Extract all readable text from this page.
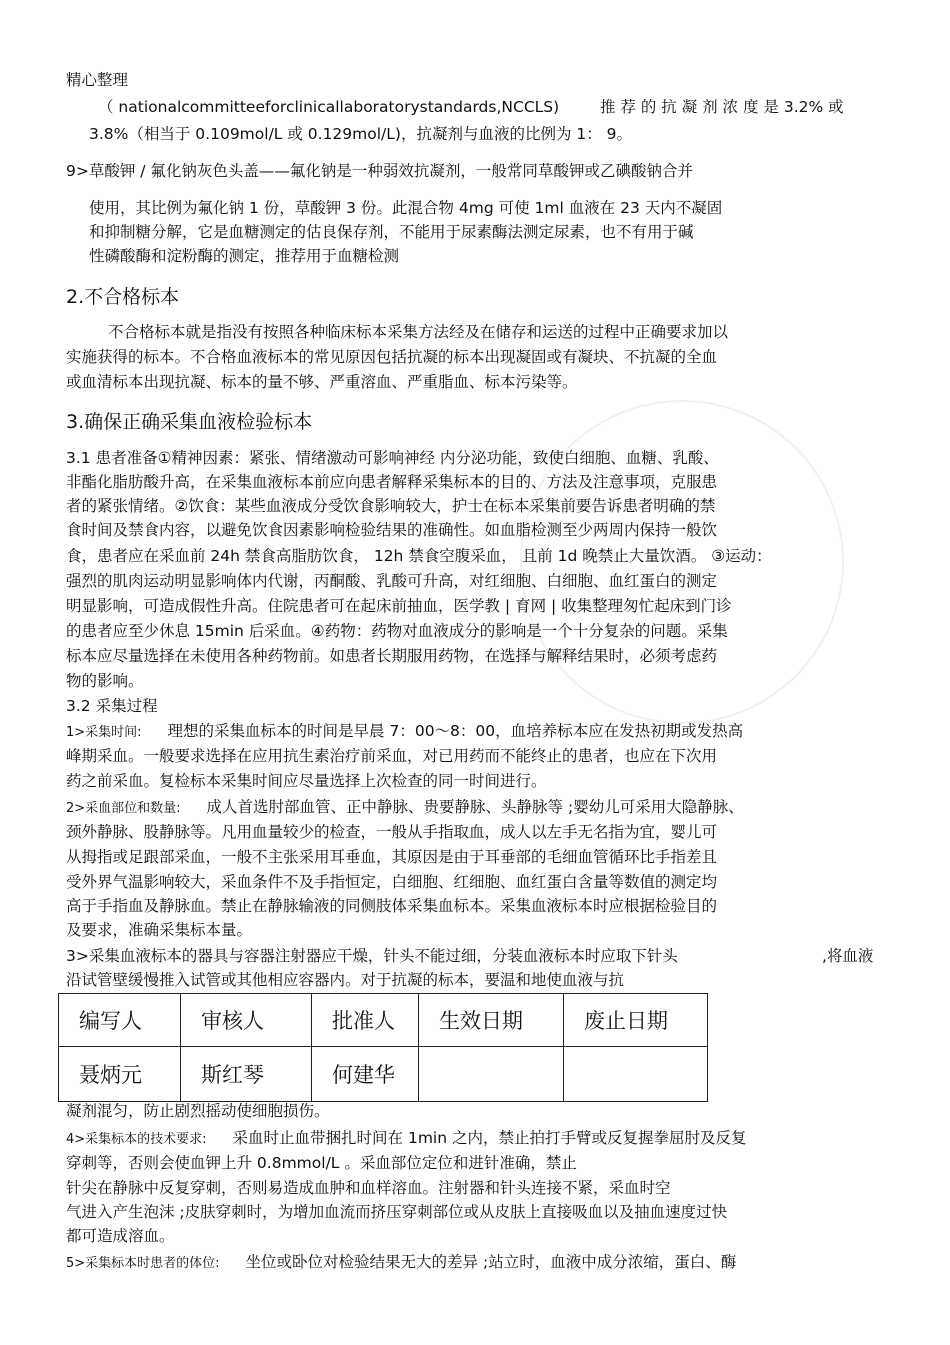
精心整理
（ nationalcommitteeforclinicallaboratorystandards,NCCLS)	推 荐 的 抗 凝 剂 浓 度 是 3.2% 或
3.8%（相当于 0.109mol/L 或 0.129mol/L)，抗凝剂与血液的比例为 1： 9。
9>草酸钾 / 氟化钠灰色头盖——氟化钠是一种弱效抗凝剂，一般常同草酸钾或乙碘酸钠合并
使用，其比例为氟化钠 1 份，草酸钾 3 份。此混合物 4mg 可使 1ml 血液在 23 天内不凝固
和抑制糖分解，它是血糖测定的估良保存剂，不能用于尿素酶法测定尿素，也不有用于碱
性磷酸酶和淀粉酶的测定，推荐用于血糖检测
2.不合格标本
不合格标本就是指没有按照各种临床标本采集方法经及在储存和运送的过程中正确要求加以
实施获得的标本。不合格血液标本的常见原因包括抗凝的标本出现凝固或有凝块、不抗凝的全血
或血清标本出现抗凝、标本的量不够、严重溶血、严重脂血、标本污染等。
3.确保正确采集血液检验标本
3.1 患者准备①精神因素：紧张、情绪激动可影响神经 内分泌功能，致使白细胞、血糖、乳酸、
非酯化脂肪酸升高，在采集血液标本前应向患者解释采集标本的目的、方法及注意事项，克服患
者的紧张情绪。②饮食：某些血液成分受饮食影响较大，护士在标本采集前要告诉患者明确的禁
食时间及禁食内容，以避免饮食因素影响检验结果的准确性。如血脂检测至少两周内保持一般饮
食，患者应在采血前 24h 禁食高脂肪饮食， 12h 禁食空腹采血， 且前 1d 晚禁止大量饮酒。 ③运动：
强烈的肌肉运动明显影响体内代谢，丙酮酸、乳酸可升高，对红细胞、白细胞、血红蛋白的测定
明显影响，可造成假性升高。住院患者可在起床前抽血，医学教 | 育网 | 收集整理匆忙起床到门诊
的患者应至少休息 15min 后采血。④药物：药物对血液成分的影响是一个十分复杂的问题。采集
标本应尽量选择在未使用各种药物前。如患者长期服用药物，在选择与解释结果时，必须考虑药
物的影响。
3.2 采集过程
1>采集时间: 理想的采集血标本的时间是早晨 7：00～8：00，血培养标本应在发热初期或发热高
峰期采血。一般要求选择在应用抗生素治疗前采血，对已用药而不能终止的患者，也应在下次用
药之前采血。复检标本采集时间应尽量选择上次检查的同一时间进行。
2>采血部位和数量: 成人首选肘部血管、正中静脉、贵要静脉、头静脉等 ;婴幼儿可采用大隐静脉、
颈外静脉、股静脉等。凡用血量较少的检查，一般从手指取血，成人以左手无名指为宜，婴儿可
从拇指或足跟部采血，一般不主张采用耳垂血，其原因是由于耳垂部的毛细血管循环比手指差且
受外界气温影响较大，采血条件不及手指恒定，白细胞、红细胞、血红蛋白含量等数值的测定均
高于手指血及静脉血。禁止在静脉输液的同侧肢体采集血标本。采集血液标本时应根据检验目的
及要求，准确采集标本量。
3>采集血液标本的器具与容器注射器应干燥，针头不能过细，分装血液标本时应取下针头	,将血液
沿试管壁缓慢推入试管或其他相应容器内。对于抗凝的标本，要温和地使血液与抗
编写人	审核人	批准人	生效日期	废止日期
聂炳元	斯红琴	何建华		
凝剂混匀，防止剧烈摇动使细胞损伤。
4>采集标本的技术要求: 采血时止血带捆扎时间在 1min 之内，禁止拍打手臂或反复握拳屈肘及反复
穿刺等，否则会使血钾上升 0.8mmol/L 。采血部位定位和进针准确，禁止
针尖在静脉中反复穿刺，否则易造成血肿和血样溶血。注射器和针头连接不紧，采血时空
气进入产生泡沫 ;皮肤穿刺时，为增加血流而挤压穿刺部位或从皮肤上直接吸血以及抽血速度过快
都可造成溶血。
5>采集标本时患者的体位: 坐位或卧位对检验结果无大的差异 ;站立时，血液中成分浓缩，蛋白、酶
